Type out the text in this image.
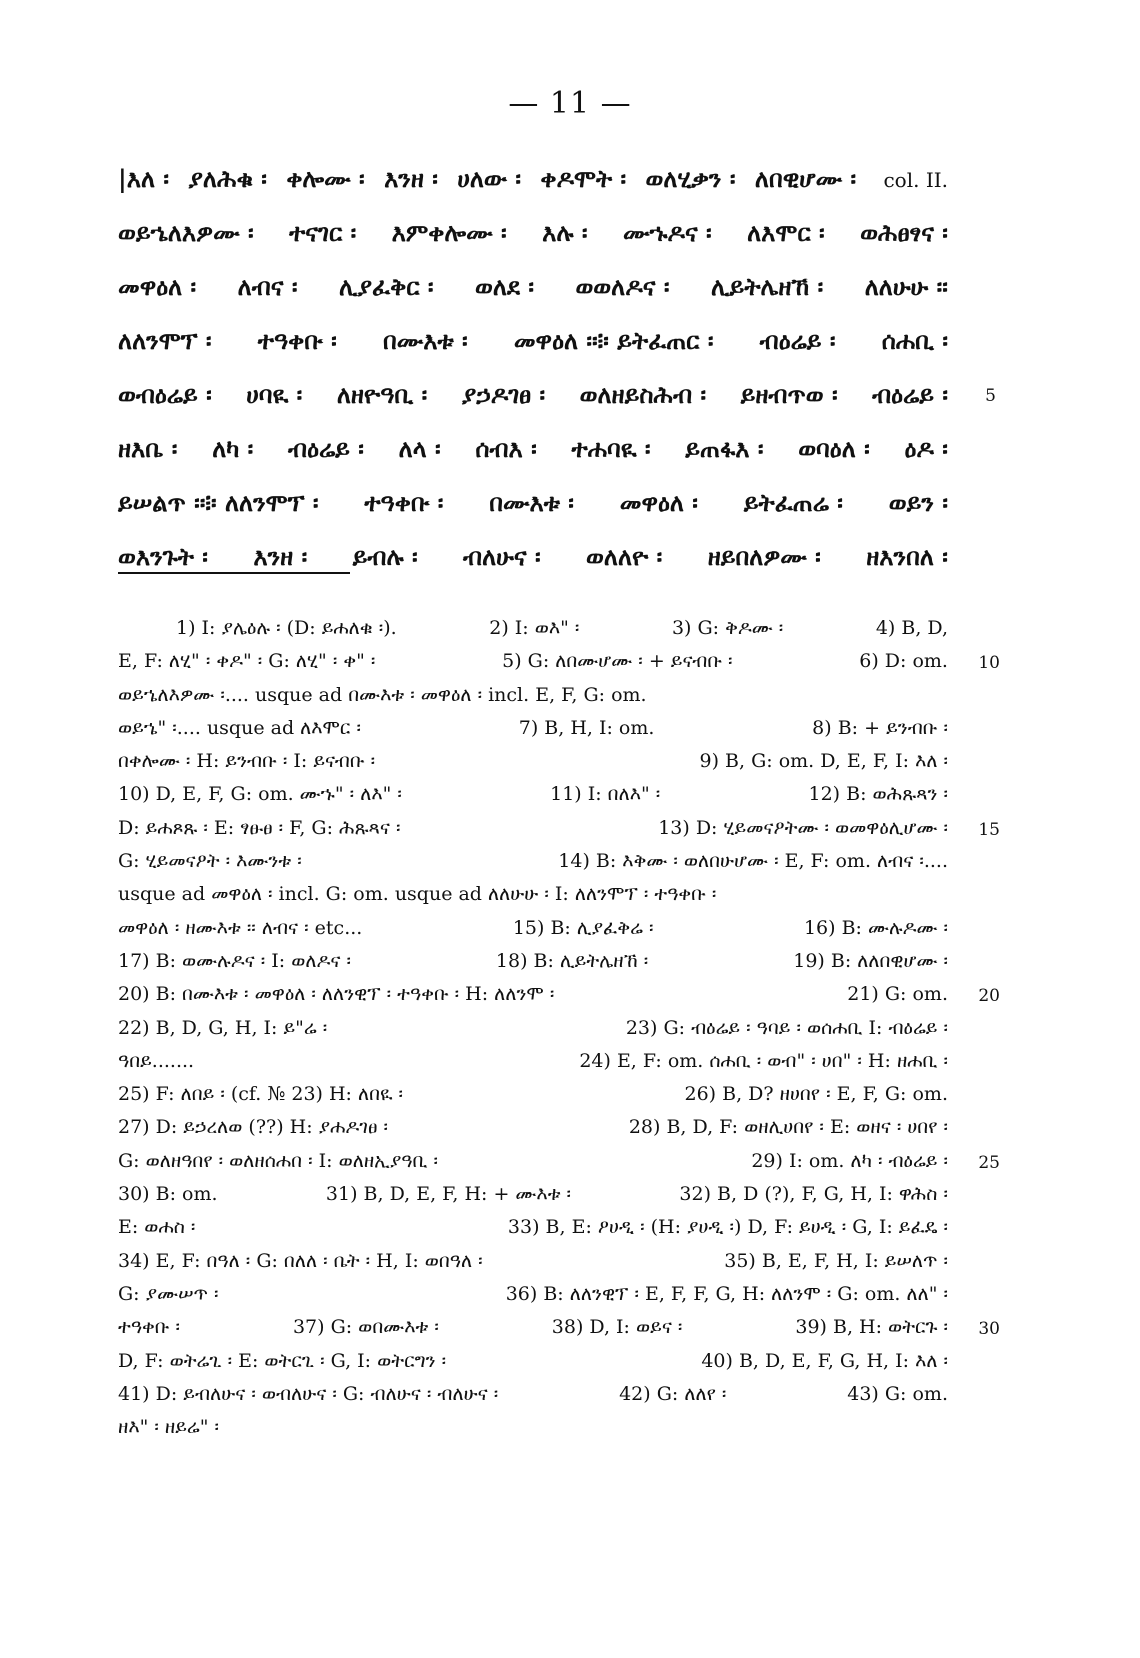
— 11 —
|እለ ፡ ያለሕቁ ፡ ቀሎሙ ፡ እንዘ ፡ ሀለው ፡ ቀዶሞት ፡ ወለሂቃን ፡ ለበዊሆሙ ፡ col. II.
ወይኄለእዎሙ ፡ ተናገር ፡ እምቀሎሙ ፡ እሉ ፡ ሙኁዶና ፡ ለእሞር ፡ ወሕፀፃና ፡
መዋዕለ ፡ ለብና ፡ ሊያፈቅር ፡ ወለደ ፡ ወወለዶና ፡ ሊይትሌዘኸ ፡ ለለሁሁ ፡፡
ለለንሞፕ ፡ ተዓቀቡ ፡ በሙእቱ ፡ መዋዕለ ፡፨ ይትፈጠር ፡ ብዕሬይ ፡ ሰሐቢ ፡
ወብዕሬይ ፡ ሀባዪ ፡ ለዘዮዓቢ ፡ ያኃዶገፀ ፡ ወለዘይስሕብ ፡ ይዘብጥወ ፡ ብዕሬይ ፡ 5
ዘእቤ ፡ ለካ ፡ ብዕሬይ ፡ ለላ ፡ ሰብእ ፡ ተሐባዪ ፡ ይጠፋእ ፡ ወባዕለ ፡ ዕዶ ፡
ይሠልጥ ፡፨ ለለንሞፕ ፡ ተዓቀቡ ፡ በሙእቱ ፡ መዋዕለ ፡ ይትፈጠሬ ፡ ወይን ፡
ወእንጉት ፡ እንዘ ፡ ይብሉ ፡ ብለሁና ፡ ወለለዮ ፡ ዘይበለዎሙ ፡ ዘእንበለ ፡
1) I: ያሌዕሉ ፡ (D: ይሐለቁ ፡).	2) I: ወእ" ፡	3) G: ቅዶሙ ፡	4) B, D,
E, F: ለሂ" ፡ ቀዶ" ፡ G: ለሂ" ፡ ቀ" ፡	5) G: ለበሙሆሙ ፡ + ይናብቡ ፡	6) D: om. 10
ወይኄለእዎሙ ፡.... usque ad በሙእቱ ፡ መዋዕለ ፡ incl. E, F, G: om.
ወይኄ" ፡.... usque ad ለእሞር ፡	7) B, H, I: om.	8) B: + ይንብቡ ፡
በቀሎሙ ፡ H: ይንብቡ ፡ I: ይናብቡ ፡	9) B, G: om. D, E, F, I: እለ ፡
10) D, E, F, G: om. ሙኁ" ፡ ለእ" ፡	11) I: በለእ" ፡	12) B: ወሕጹጻን ፡
D: ይሐጾጹ ፡ E: ፃፁፀ ፡ F, G: ሕጹጻና ፡	13) D: ሂይመናዖትሙ ፡ ወመዋዕሊሆሙ ፡ 15
G: ሂይመናዖት ፡ እሙንቱ ፡	14) B: እቅሙ ፡ ወለበሁሆሙ ፡ E, F: om. ለብና ፡....
usque ad መዋዕለ ፡ incl. G: om. usque ad ለለሁሁ ፡ I: ለለንሞፕ ፡ ተዓቀቡ ፡
መዋዕለ ፡ ዘሙእቱ ፡፡ ለብና ፡ etc...	15) B: ሊያፈቅሬ ፡	16) B: ሙሉዶሙ ፡
17) B: ወሙሉዶና ፡ I: ወለዶና ፡	18) B: ሊይትሌዘኸ ፡	19) B: ለለበዊሆሙ ፡
20) B: በሙእቱ ፡ መዋዕለ ፡ ለለንዊፕ ፡ ተዓቀቡ ፡ H: ለለንሞ ፡	21) G: om. 20
22) B, D, G, H, I: ይ"ሬ ፡	23) G: ብዕሬይ ፡ ዓባይ ፡ ወሰሐቢ I: ብዕሬይ ፡
ዓበይ.......	24) E, F: om. ሰሐቢ ፡ ወብ" ፡ ሀበ" ፡ H: ዘሐቢ ፡
25) F: ለበይ ፡ (cf. № 23) H: ለበዪ ፡	26) B, D? ዘሀበየ ፡ E, F, G: om.
27) D: ይኃረለወ (??) H: ያሐዶገፀ ፡	28) B, D, F: ወዘሊሀበየ ፡ E: ወዘና ፡ ሀበየ ፡
G: ወለዘዓበየ ፡ ወለዘሰሐበ ፡ I: ወለዘኢያዓቢ ፡	29) I: om. ለካ ፡ ብዕሬይ ፡ 25
30) B: om.	31) B, D, E, F, H: + ሙእቱ ፡	32) B, D (?), F, G, H, I: ዋሕስ ፡
E: ወሐስ ፡	33) B, E: ዖሀዲ ፡ (H: ያሀዲ ፡) D, F: ይሀዲ ፡ G, I: ይፈዴ ፡
34) E, F: በዓለ ፡ G: በለለ ፡ ቤት ፡ H, I: ወበዓለ ፡	35) B, E, F, H, I: ይሠለጥ ፡
G: ያሙሠጥ ፡	36) B: ለለንዊፕ ፡ E, F, F, G, H: ለለንሞ ፡ G: om. ለለ" ፡
ተዓቀቡ ፡	37) G: ወበሙእቱ ፡	38) D, I: ወይና ፡	39) B, H: ወትርጉ ፡ 30
D, F: ወትሬጊ ፡ E: ወትርጊ ፡ G, I: ወትርግን ፡	40) B, D, E, F, G, H, I: እለ ፡
41) D: ይብለሁና ፡ ወብለሁና ፡ G: ብለሁና ፡ ብለሁና ፡	42) G: ለለየ ፡	43) G: om.
ዘእ" ፡ ዘይሬ" ፡
